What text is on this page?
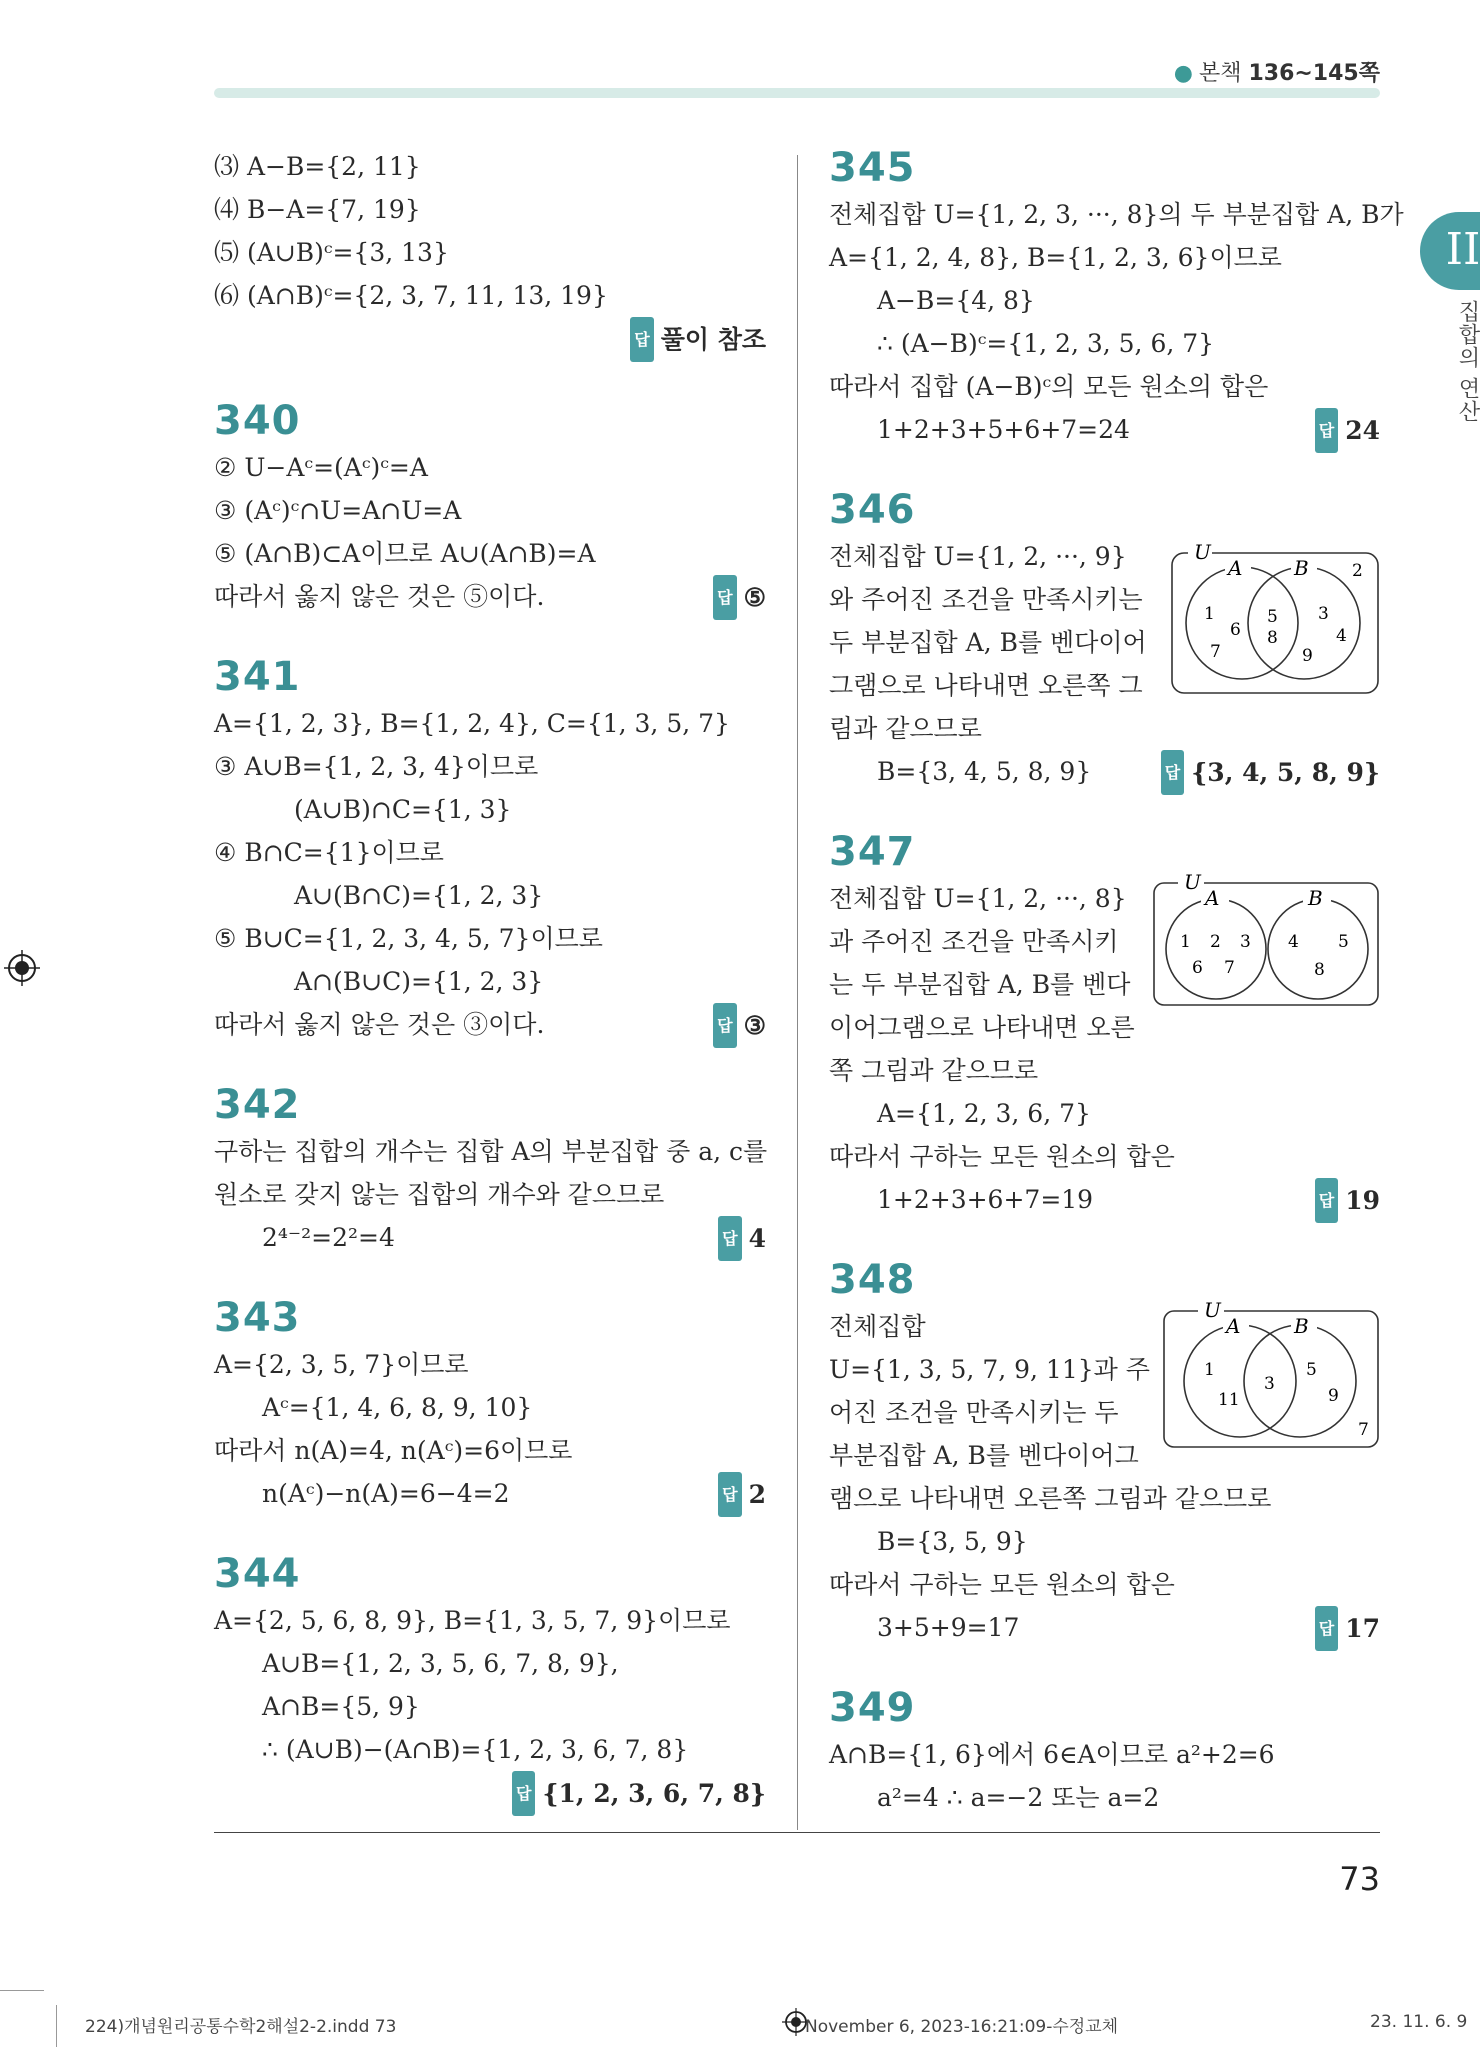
● 본책 136~145쪽
II
집합의 연산
⑶ A−B={2, 11}
⑷ B−A={7, 19}
⑸ (A∪B)ᶜ={3, 13}
⑹ (A∩B)ᶜ={2, 3, 7, 11, 13, 19}
답 풀이 참조
340
② U−Aᶜ=(Aᶜ)ᶜ=A
③ (Aᶜ)ᶜ∩U=A∩U=A
⑤ (A∩B)⊂A이므로 A∪(A∩B)=A
따라서 옳지 않은 것은 ⑤이다.	답 ⑤
341
A={1, 2, 3}, B={1, 2, 4}, C={1, 3, 5, 7}
③ A∪B={1, 2, 3, 4}이므로
(A∪B)∩C={1, 3}
④ B∩C={1}이므로
A∪(B∩C)={1, 2, 3}
⑤ B∪C={1, 2, 3, 4, 5, 7}이므로
A∩(B∪C)={1, 2, 3}
따라서 옳지 않은 것은 ③이다.	답 ③
342
구하는 집합의 개수는 집합 A의 부분집합 중 a, c를
원소로 갖지 않는 집합의 개수와 같으므로
2⁴⁻²=2²=4	답 4
343
A={2, 3, 5, 7}이므로
Aᶜ={1, 4, 6, 8, 9, 10}
따라서 n(A)=4, n(Aᶜ)=6이므로
n(Aᶜ)−n(A)=6−4=2	답 2
344
A={2, 5, 6, 8, 9}, B={1, 3, 5, 7, 9}이므로
A∪B={1, 2, 3, 5, 6, 7, 8, 9},
A∩B={5, 9}
∴ (A∪B)−(A∩B)={1, 2, 3, 6, 7, 8}
답 {1, 2, 3, 6, 7, 8}
345
전체집합 U={1, 2, 3, ···, 8}의 두 부분집합 A, B가
A={1, 2, 4, 8}, B={1, 2, 3, 6}이므로
A−B={4, 8}
∴ (A−B)ᶜ={1, 2, 3, 5, 6, 7}
따라서 집합 (A−B)ᶜ의 모든 원소의 합은
1+2+3+5+6+7=24	답 24
346
U
A	B	2
1
6
7
5
8
3
4
9
전체집합 U={1, 2, ···, 9}
와 주어진 조건을 만족시키는
두 부분집합 A, B를 벤다이어
그램으로 나타내면 오른쪽 그
림과 같으므로
B={3, 4, 5, 8, 9}	답 {3, 4, 5, 8, 9}
347
U
A	B
1 2 3
6 7
4 5
8
전체집합 U={1, 2, ···, 8}
과 주어진 조건을 만족시키
는 두 부분집합 A, B를 벤다
이어그램으로 나타내면 오른
쪽 그림과 같으므로
A={1, 2, 3, 6, 7}
따라서 구하는 모든 원소의 합은
1+2+3+6+7=19	답 19
348
U
A	B
1
11
3
5
9
7
전체집합
U={1, 3, 5, 7, 9, 11}과 주
어진 조건을 만족시키는 두
부분집합 A, B를 벤다이어그
램으로 나타내면 오른쪽 그림과 같으므로
B={3, 5, 9}
따라서 구하는 모든 원소의 합은
3+5+9=17	답 17
349
A∩B={1, 6}에서 6∈A이므로 a²+2=6
a²=4 ∴ a=−2 또는 a=2
73
224)개념원리공통수학2해설2-2.indd 73	November 6, 2023-16:21:09-수정교체	23. 11. 6. 9
